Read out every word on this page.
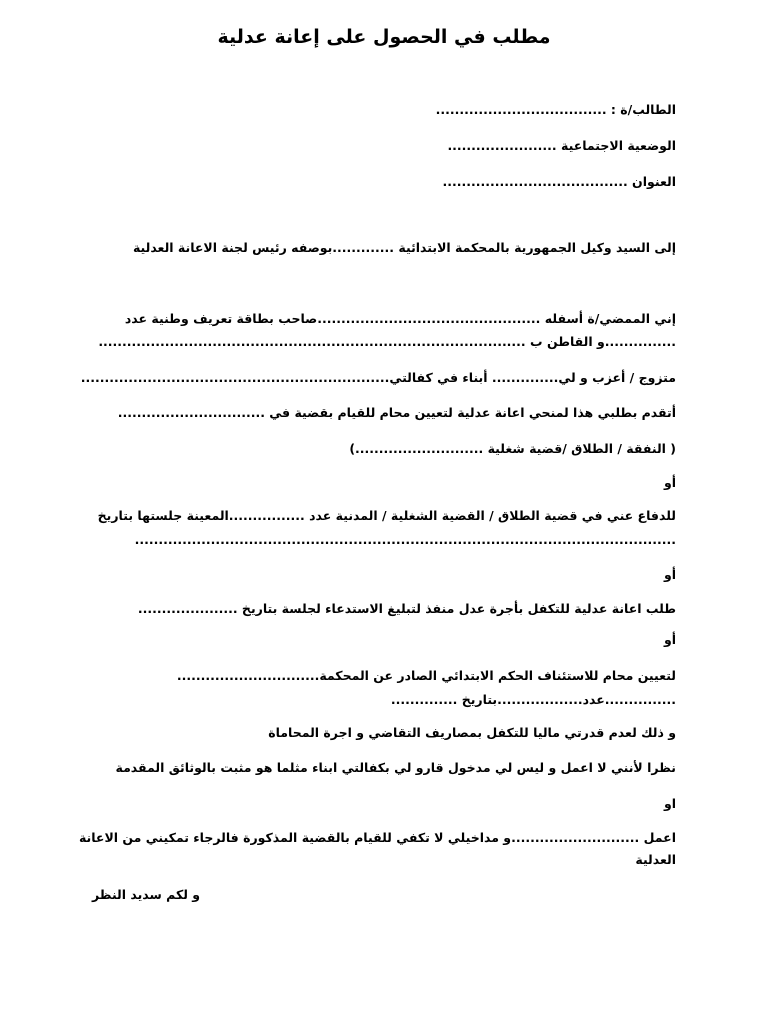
مطلب في الحصول على إعانة عدلية
الطالب/ة : ....................................
الوضعية الاجتماعية .......................
العنوان .......................................
إلى السيد وكيل الجمهورية بالمحكمة الابتدائية .............بوصفه رئيس لجنة الاعانة العدلية
إني الممضي/ة أسفله ...............................................صاحب بطاقة تعريف وطنية عدد
...............و القاطن ب ..........................................................................................
متزوج / أعزب و لي.............. أبناء في كفالتي.................................................................
أتقدم بطلبي هذا لمنحي اعانة عدلية لتعيين محام للقيام بقضية في ...............................
( النفقة / الطلاق /قضية شغلية ...........................)
أو
للدفاع عني في قضية الطلاق / القضية الشغلية / المدنية عدد ................المعينة جلستها بتاريخ
..................................................................................................................
أو
طلب اعانة عدلية للتكفل بأجرة عدل منفذ لتبليغ الاستدعاء لجلسة بتاريخ .....................
أو
لتعيين محام للاستئناف الحكم الابتدائي الصادر عن المحكمة..............................
...............عدد..................بتاريخ ..............
و ذلك لعدم قدرتي ماليا للتكفل بمصاريف التقاضي و اجرة المحاماة
نظرا لأنني لا اعمل و ليس لي مدخول قارو لي بكفالتي ابناء مثلما هو مثبت بالوثائق المقدمة
او
اعمل ...........................و مداخيلي لا تكفي للقيام بالقضية المذكورة فالرجاء تمكيني من الاعانة
العدلية
و لكم سديد النظر
